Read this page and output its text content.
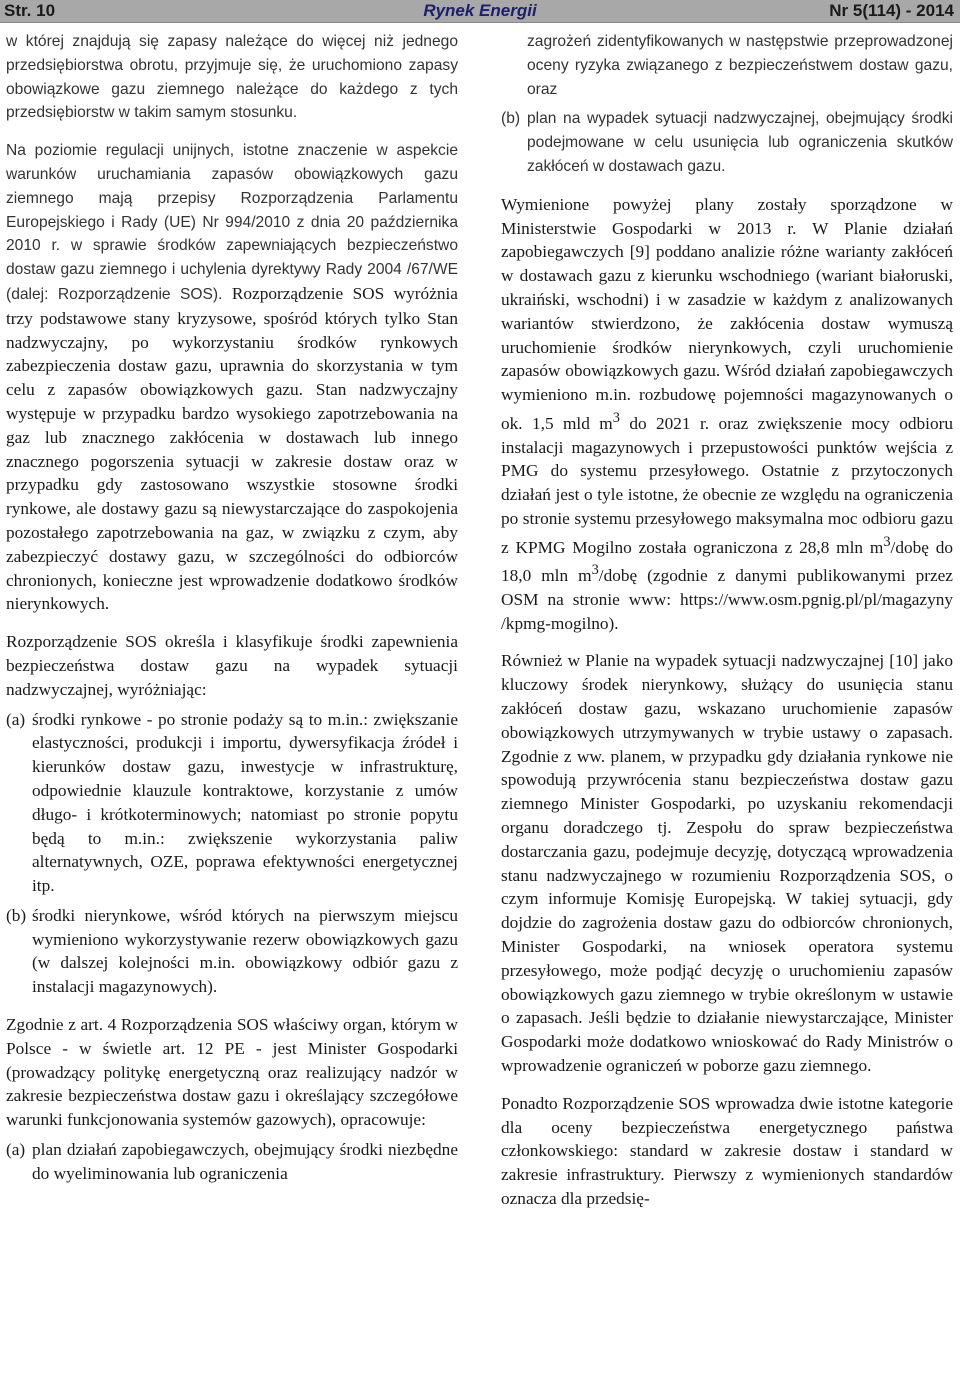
Rynek Energii
Str. 10	Nr 5(114) - 2014

w której znajdują się zapasy należące do więcej niż jednego przedsiębiorstwa obrotu, przyjmuje się, że uruchomiono zapasy obowiązkowe gazu ziemnego należące do każdego z tych przedsiębiorstw w takim samym stosunku.

Na poziomie regulacji unijnych, istotne znaczenie w aspekcie warunków uruchamiania zapasów obowiązkowych gazu ziemnego mają przepisy Rozporządzenia Parlamentu Europejskiego i Rady (UE) Nr 994/2010 z dnia 20 października 2010 r. w sprawie środków zapewniających bezpieczeństwo dostaw gazu ziemnego i uchylenia dyrektywy Rady 2004 /67/WE (dalej: Rozporządzenie SOS). Rozporządzenie SOS wyróżnia trzy podstawowe stany kryzysowe, spośród których tylko Stan nadzwyczajny, po wykorzystaniu środków rynkowych zabezpieczenia dostaw gazu, uprawnia do skorzystania w tym celu z zapasów obowiązkowych gazu. Stan nadzwyczajny występuje w przypadku bardzo wysokiego zapotrzebowania na gaz lub znacznego zakłócenia w dostawach lub innego znacznego pogorszenia sytuacji w zakresie dostaw oraz w przypadku gdy zastosowano wszystkie stosowne środki rynkowe, ale dostawy gazu są niewystarczające do zaspokojenia pozostałego zapotrzebowania na gaz, w związku z czym, aby zabezpieczyć dostawy gazu, w szczególności do odbiorców chronionych, konieczne jest wprowadzenie dodatkowo środków nierynkowych.

Rozporządzenie SOS określa i klasyfikuje środki zapewnienia bezpieczeństwa dostaw gazu na wypadek sytuacji nadzwyczajnej, wyróżniając:

(a) środki rynkowe - po stronie podaży są to m.in.: zwiększanie elastyczności, produkcji i importu, dywersyfikacja źródeł i kierunków dostaw gazu, inwestycje w infrastrukturę, odpowiednie klauzule kontraktowe, korzystanie z umów długo- i krótkoterminowych; natomiast po stronie popytu będą to m.in.: zwiększenie wykorzystania paliw alternatywnych, OZE, poprawa efektywności energetycznej itp.
(b) środki nierynkowe, wśród których na pierwszym miejscu wymieniono wykorzystywanie rezerw obowiązkowych gazu (w dalszej kolejności m.in. obowiązkowy odbiór gazu z instalacji magazynowych).

Zgodnie z art. 4 Rozporządzenia SOS właściwy organ, którym w Polsce - w świetle art. 12 PE - jest Minister Gospodarki (prowadzący politykę energetyczną oraz realizujący nadzór w zakresie bezpieczeństwa dostaw gazu i określający szczegółowe warunki funkcjonowania systemów gazowych), opracowuje:

(a) plan działań zapobiegawczych, obejmujący środki niezbędne do wyeliminowania lub ograniczenia

zagrożeń zidentyfikowanych w następstwie przeprowadzonej oceny ryzyka związanego z bezpieczeństwem dostaw gazu, oraz

(b) plan na wypadek sytuacji nadzwyczajnej, obejmujący środki podejmowane w celu usunięcia lub ograniczenia skutków zakłóceń w dostawach gazu.

Wymienione powyżej plany zostały sporządzone w Ministerstwie Gospodarki w 2013 r. W Planie działań zapobiegawczych [9] poddano analizie różne warianty zakłóceń w dostawach gazu z kierunku wschodniego (wariant białoruski, ukraiński, wschodni) i w zasadzie w każdym z analizowanych wariantów stwierdzono, że zakłócenia dostaw wymuszą uruchomienie środków nierynkowych, czyli uruchomienie zapasów obowiązkowych gazu. Wśród działań zapobiegawczych wymieniono m.in. rozbudowę pojemności magazynowanych o ok. 1,5 mld $m^3$ do 2021 r. oraz zwiększenie mocy odbioru instalacji magazynowych i przepustowości punktów wejścia z PMG do systemu przesyłowego. Ostatnie z przytoczonych działań jest o tyle istotne, że obecnie ze względu na ograniczenia po stronie systemu przesyłowego maksymalna moc odbioru gazu z KPMG Mogilno została ograniczona z 28,8 mln $m^3$/dobę do 18,0 mln $m^3$/dobę (zgodnie z danymi publikowanymi przez OSM na stronie www: https://www.osm.pgnig.pl/pl/magazyny /kpmg-mogilno).

Również w Planie na wypadek sytuacji nadzwyczajnej [10] jako kluczowy środek nierynkowy, służący do usunięcia stanu zakłóceń dostaw gazu, wskazano uruchomienie zapasów obowiązkowych utrzymywanych w trybie ustawy o zapasach. Zgodnie z ww. planem, w przypadku gdy działania rynkowe nie spowodują przywrócenia stanu bezpieczeństwa dostaw gazu ziemnego Minister Gospodarki, po uzyskaniu rekomendacji organu doradczego tj. Zespołu do spraw bezpieczeństwa dostarczania gazu, podejmuje decyzję, dotyczącą wprowadzenia stanu nadzwyczajnego w rozumieniu Rozporządzenia SOS, o czym informuje Komisję Europejską. W takiej sytuacji, gdy dojdzie do zagrożenia dostaw gazu do odbiorców chronionych, Minister Gospodarki, na wniosek operatora systemu przesyłowego, może podjąć decyzję o uruchomieniu zapasów obowiązkowych gazu ziemnego w trybie określonym w ustawie o zapasach. Jeśli będzie to działanie niewystarczające, Minister Gospodarki może dodatkowo wnioskować do Rady Ministrów o wprowadzenie ograniczeń w poborze gazu ziemnego.

Ponadto Rozporządzenie SOS wprowadza dwie istotne kategorie dla oceny bezpieczeństwa energetycznego państwa członkowskiego: standard w zakresie dostaw i standard w zakresie infrastruktury. Pierwszy z wymienionych standardów oznacza dla przedsię-
